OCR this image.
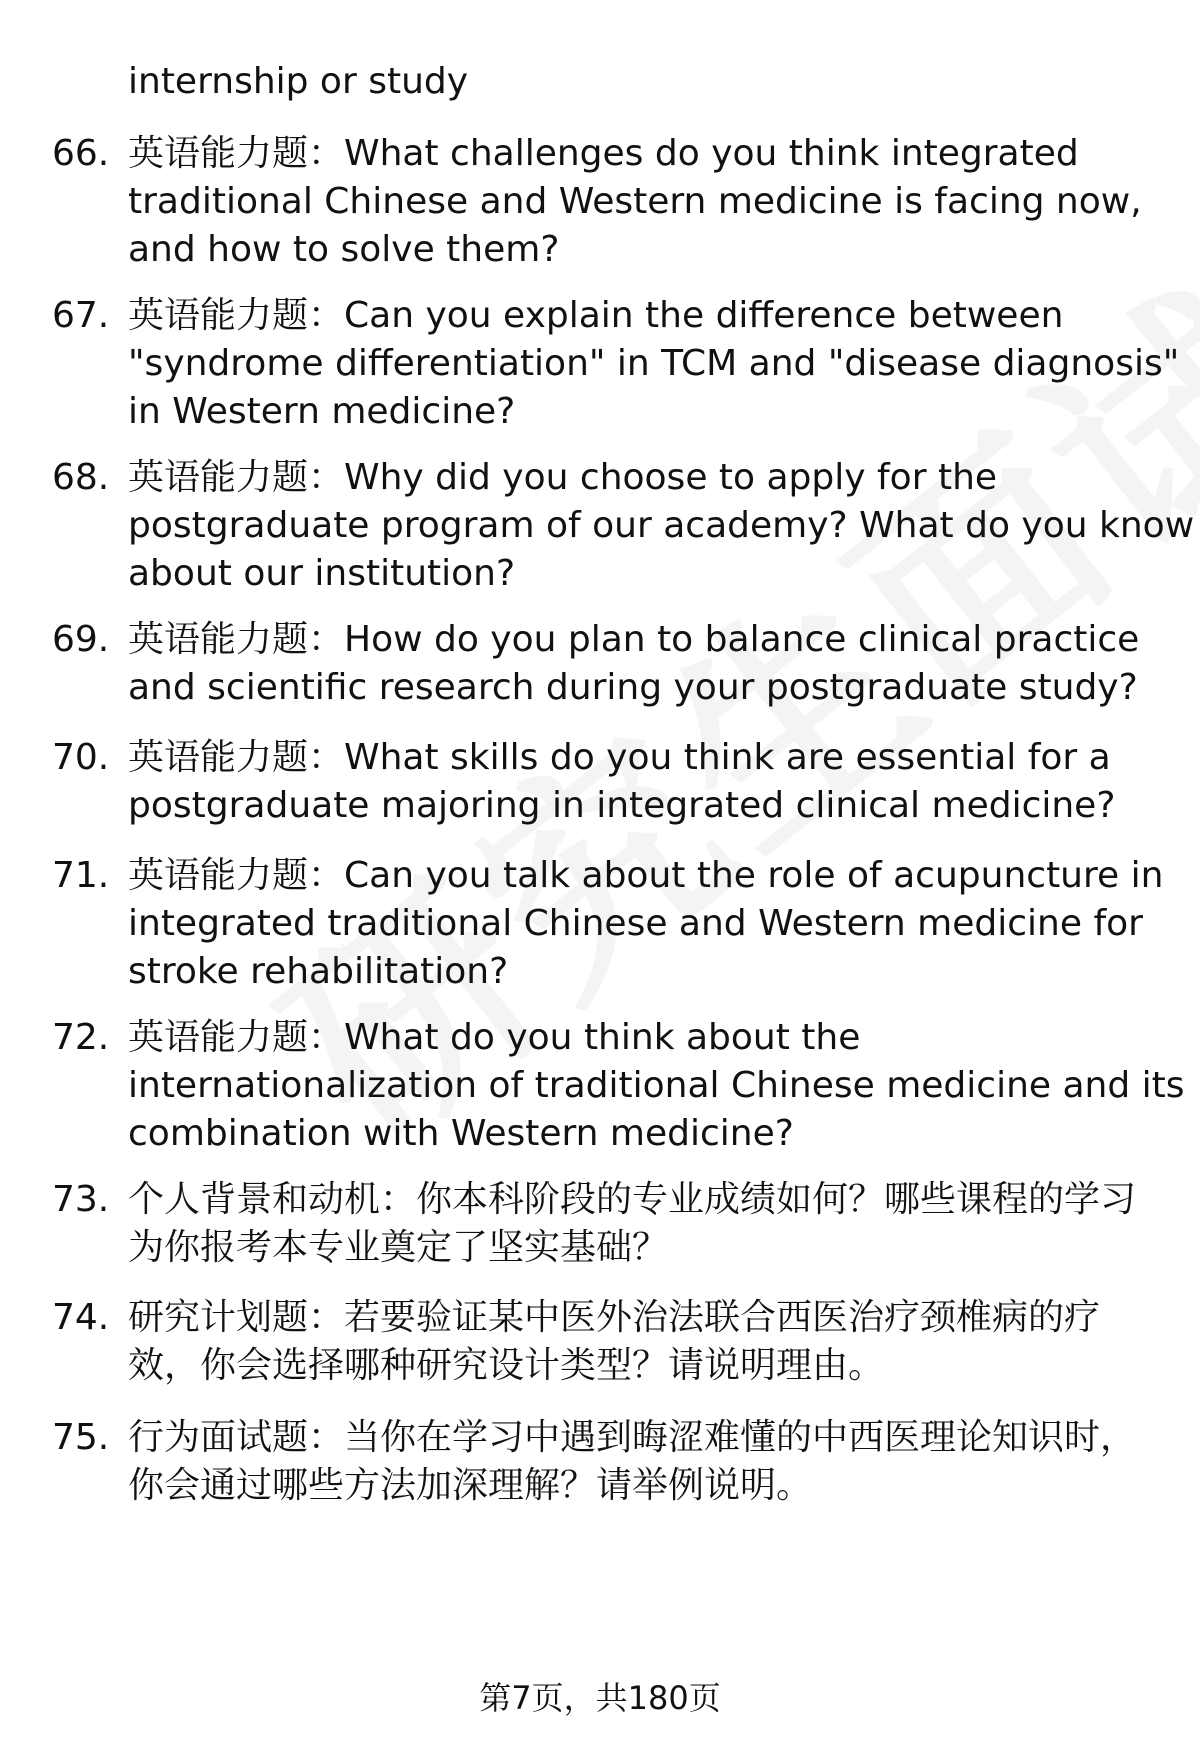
internship or study
66. 英语能力题：What challenges do you think integrated
traditional Chinese and Western medicine is facing now,
and how to solve them?
67. 英语能力题：Can you explain the difference between
"syndrome differentiation" in TCM and "disease diagnosis"
in Western medicine?
68. 英语能力题：Why did you choose to apply for the
postgraduate program of our academy? What do you know
about our institution?
69. 英语能力题：How do you plan to balance clinical practice
and scientific research during your postgraduate study?
70. 英语能力题：What skills do you think are essential for a
postgraduate majoring in integrated clinical medicine?
71. 英语能力题：Can you talk about the role of acupuncture in
integrated traditional Chinese and Western medicine for
stroke rehabilitation?
72. 英语能力题：What do you think about the
internationalization of traditional Chinese medicine and its
combination with Western medicine?
73. 个人背景和动机：你本科阶段的专业成绩如何？哪些课程的学习
为你报考本专业奠定了坚实基础？
74. 研究计划题：若要验证某中医外治法联合西医治疗颈椎病的疗
效，你会选择哪种研究设计类型？请说明理由。
75. 行为面试题：当你在学习中遇到晦涩难懂的中西医理论知识时，
你会通过哪些方法加深理解？请举例说明。
第7页，共180页
